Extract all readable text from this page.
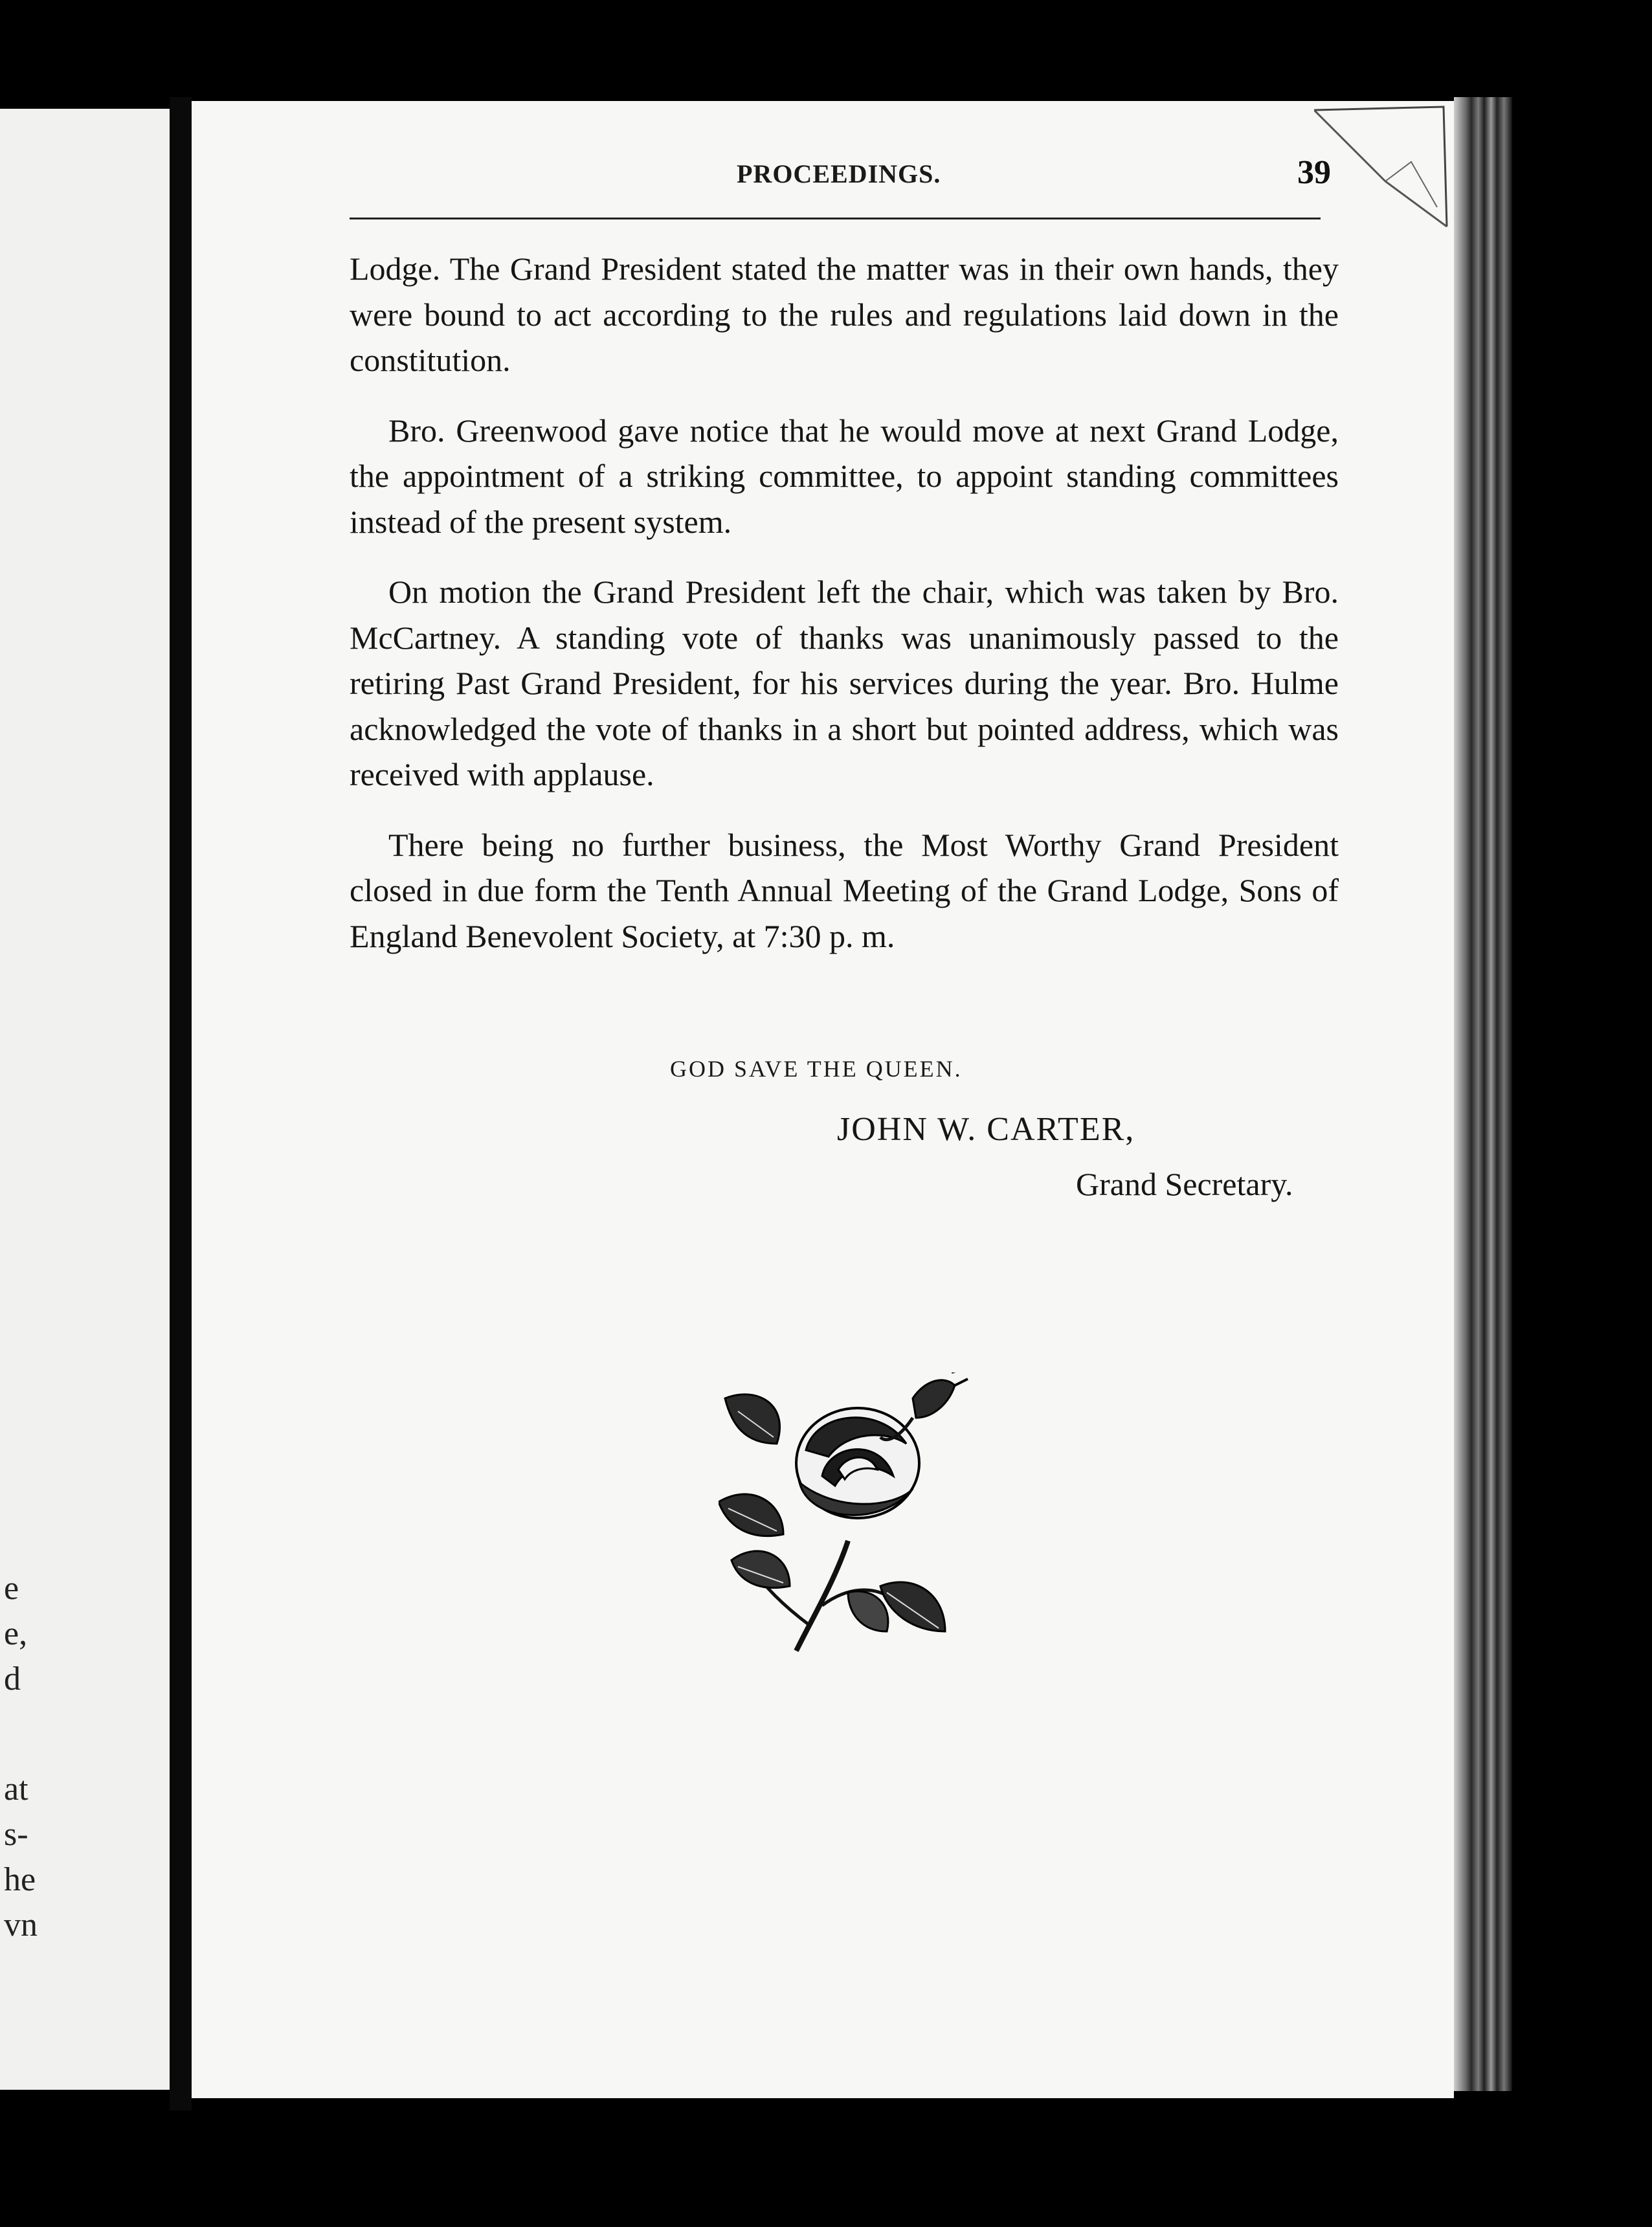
e
e,
d
at
s-
he
vn
PROCEEDINGS.	39

Lodge. The Grand President stated the matter was in their own hands, they were bound to act according to the rules and regulations laid down in the constitution.

Bro. Greenwood gave notice that he would move at next Grand Lodge, the appointment of a striking committee, to appoint standing committees instead of the present system.

On motion the Grand President left the chair, which was taken by Bro. McCartney. A standing vote of thanks was unanimously passed to the retiring Past Grand President, for his services during the year. Bro. Hulme acknowledged the vote of thanks in a short but pointed address, which was received with applause.

There being no further business, the Most Worthy Grand President closed in due form the Tenth Annual Meeting of the Grand Lodge, Sons of England Benevolent Society, at 7:30 p. m.

GOD SAVE THE QUEEN.
JOHN W. CARTER,
Grand Secretary.
